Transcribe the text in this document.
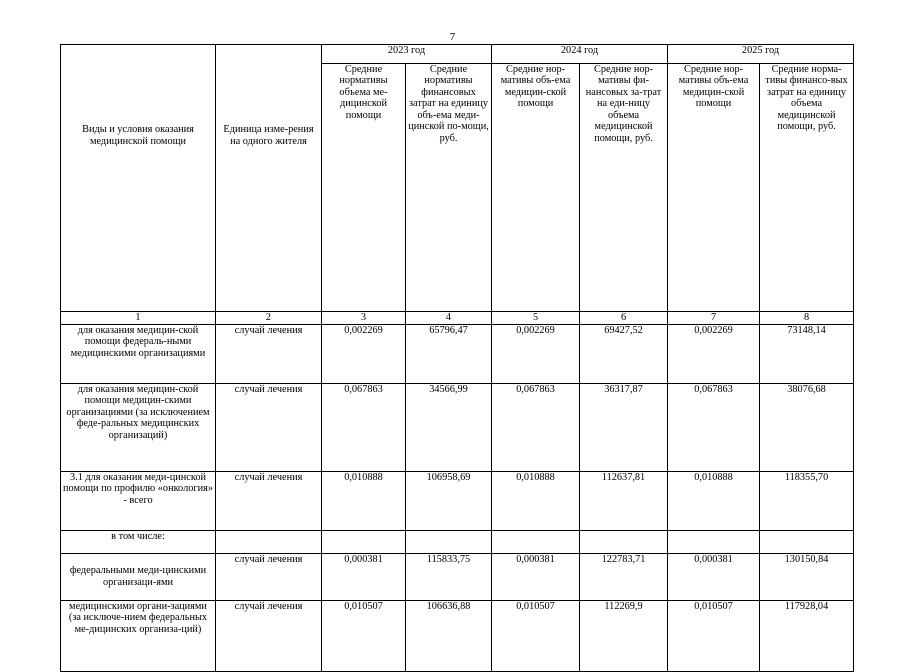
7
Виды и условия оказания медицинской помощи	Единица изме-рения на одного жителя	2023 год		2024 год		2025 год	
		Средние нормативы объема ме-дицинской помощи	Средние нормативы финансовых затрат на единицу объ-ема меди-цинской по-мощи, руб.	Средние нор-мативы объ-ема медицин-ской помощи	Средние нор-мативы фи-нансовых за-трат на еди-ницу объема медицинской помощи, руб.	Средние нор-мативы объ-ема медицин-ской помощи	Средние норма-тивы финансо-вых затрат на единицу объема медицинской помощи, руб.
1	2	3	4	5	6	7	8
для оказания медицин-ской помощи федераль-ными медицинскими организациями	случай лечения	0,002269	65796,47	0,002269	69427,52	0,002269	73148,14
для оказания медицин-ской помощи медицин-скими организациями (за исключением феде-ральных медицинских организаций)	случай лечения	0,067863	34566,99	0,067863	36317,87	0,067863	38076,68
3.1 для оказания меди-цинской помощи по профилю «онкология» - всего	случай лечения	0,010888	106958,69	0,010888	112637,81	0,010888	118355,70
в том числе:							
федеральными меди-цинскими организаци-ями	случай лечения	0,000381	115833,75	0,000381	122783,71	0,000381	130150,84
медицинскими органи-зациями (за исключе-нием федеральных ме-дицинских организа-ций)	случай лечения	0,010507	106636,88	0,010507	112269,9	0,010507	117928,04
